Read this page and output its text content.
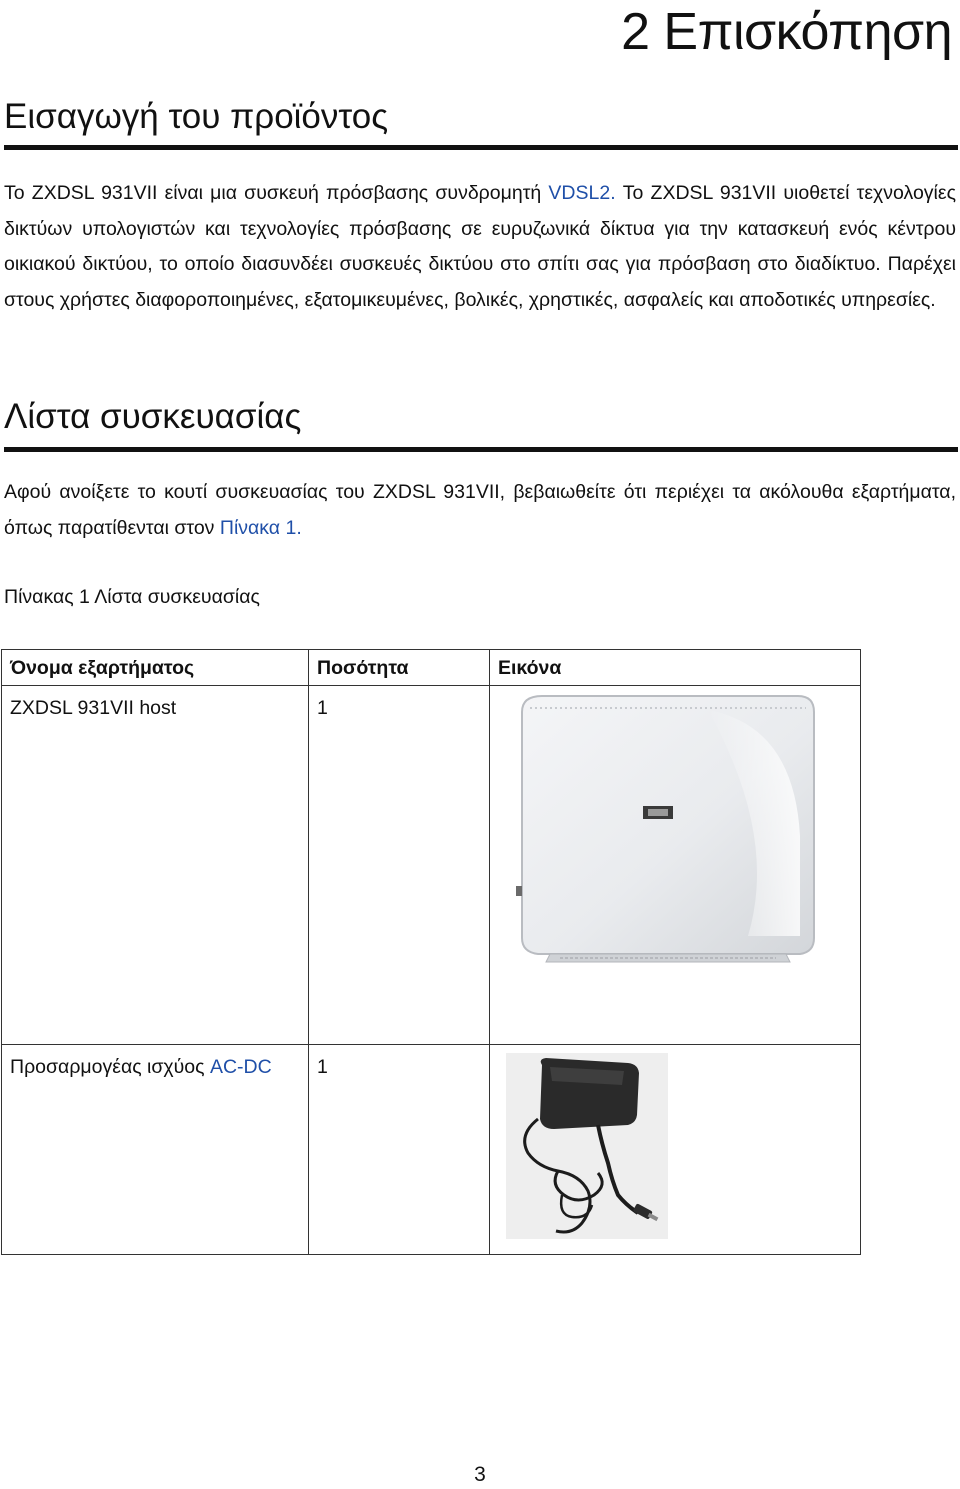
2 Επισκόπηση
Εισαγωγή του προϊόντος

Το ZXDSL 931VII είναι μια συσκευή πρόσβασης συνδρομητή VDSL2. Το ZXDSL 931VII υιοθετεί τεχνολογίες δικτύων υπολογιστών και τεχνολογίες πρόσβασης σε ευρυζωνικά δίκτυα για την κατασκευή ενός κέντρου οικιακού δικτύου, το οποίο διασυνδέει συσκευές δικτύου στο σπίτι σας για πρόσβαση στο διαδίκτυο. Παρέχει στους χρήστες διαφοροποιημένες, εξατομικευμένες, βολικές, χρηστικές, ασφαλείς και αποδοτικές υπηρεσίες.

Λίστα συσκευασίας

Αφού ανοίξετε το κουτί συσκευασίας του ZXDSL 931VII, βεβαιωθείτε ότι περιέχει τα ακόλουθα εξαρτήματα, όπως παρατίθενται στον Πίνακα 1.

Πίνακας 1 Λίστα συσκευασίας

Όνομα εξαρτήματος	Ποσότητα	Εικόνα

ZXDSL 931VII host	1

Προσαρμογέας ισχύος AC-DC	1

3
